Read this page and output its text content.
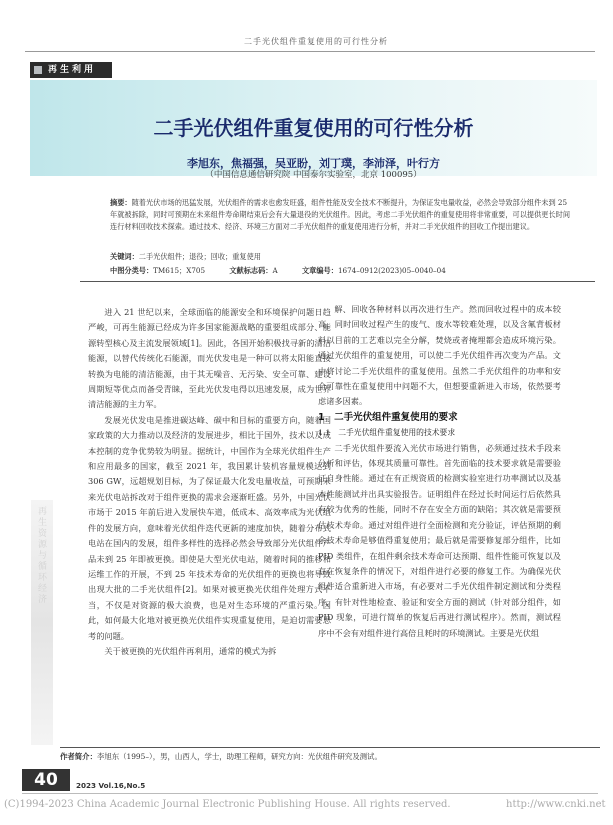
二手光伏组件重复使用的可行性分析
再生利用
二手光伏组件重复使用的可行性分析
李旭东，焦福强，吴亚盼，刘丁璞，李沛泽，叶行方
（中国信息通信研究院 中国泰尔实验室，北京 100095）
摘要：随着光伏市场的迅猛发展，光伏组件的需求也愈发旺盛，组件性能及安全技术不断提升，为保证发电量收益，必然会导致部分组件未到 25 年就被拆除，同时可预期在未来组件寿命期结束后会有大量退役的光伏组件。因此，考虑二手光伏组件的重复使用将非常重要，可以提供更长时间连行材料回收技术探索。通过技术、经济、环境三方面对二手光伏组件的重复使用进行分析，并对二手光伏组件的回收工作提出建议。
关键词：二手光伏组件；退役；回收；重复使用
中图分类号：TM615；X705	文献标志码：A	文章编号：1674–0912(2023)05–0040–04

进入 21 世纪以来，全球面临的能源安全和环境保护问题日趋严峻，可再生能源已经成为许多国家能源战略的重要组成部分、能源转型核心及主流发展领域[1]。因此，各国开始积极找寻新的清洁能源，以替代传统化石能源，而光伏发电是一种可以将太阳能直接转换为电能的清洁能源，由于其无噪音、无污染、安全可靠、建设周期短等优点而备受青睐，至此光伏发电得以迅速发展，成为世界清洁能源的主力军。

发展光伏发电是推进碳达峰、碳中和目标的重要方向，随着国家政策的大力推动以及经济的发展进步，相比于国外，技术以及成本控制的竞争优势较为明显。据统计，中国作为全球光伏组件生产和应用最多的国家，截至 2021 年，我国累计装机容量规模达到 306 GW，远超规划目标，为了保证最大化发电量收益，可预期未来光伏电站拆改对于组件更换的需求会逐渐旺盛。另外，中国光伏市场于 2015 年前后进入发展快车道，低成本、高效率成为光伏组件的发展方向，意味着光伏组件迭代更新的速度加快，随着分布式电站在国内的发展，组件多样性的选择必然会导致部分光伏组件产品未到 25 年即被更换。即使是大型光伏电站，随着时间的推移和运维工作的开展，不到 25 年技术寿命的光伏组件的更换也将导致出现大批的二手光伏组件[2]。如果对被更换光伏组件处理方式不当，不仅是对资源的极大浪费，也是对生态环境的严重污染。因此，如何最大化地对被更换光伏组件实现重复使用，是迫切需要思考的问题。

关于被更换的光伏组件再利用，通常的模式为拆

解、回收各种材料以再次进行生产。然而回收过程中的成本较高，同时回收过程产生的废气、废水等较难处理，以及含氟背板材料以目前的工艺难以完全分解，焚烧或者掩埋都会造成环境污染。通过光伏组件的重复使用，可以使二手光伏组件再次变为产品。文中将讨论二手光伏组件的重复使用。虽然二手光伏组件的功率和安全可靠性在重复使用中问题不大，但想要重新进入市场，依然要考虑诸多因素。

1　二手光伏组件重复使用的要求

1.1　二手光伏组件重复使用的技术要求

二手光伏组件要流入光伏市场进行销售，必须通过技术手段来分析和评估，体现其质量可靠性。首先面临的技术要求就是需要验证自身性能。通过在有正规资质的检测实验室进行功率测试以及基本性能测试并出具实验报告。证明组件在经过长时间运行后依然具有较为优秀的性能，同时不存在安全方面的缺陷；其次就是需要预估技术寿命。通过对组件进行全面检测和充分验证，评估预期的剩余技术寿命是够值得重复使用；最后就是需要修复部分组件，比如 PID 类组件，在组件剩余技术寿命可达预期、组件性能可恢复以及存在恢复条件的情况下，对组件进行必要的修复工作。为确保光伏组件适合重新进入市场，有必要对二手光伏组件制定测试和分类程序，有针对性地检查、验证和安全方面的测试（针对部分组件，如 PID 现象，可进行简单的恢复后再进行测试程序）。然而，测试程序中不会有对组件进行高倍且耗时的环境测试。主要是光伏组

再生资源与循环经济
作者简介：李旭东（1995–），男，山西人，学士，助理工程师，研究方向：光伏组件研究及测试。
40	2023 Vol.16,No.5
(C)1994-2023 China Academic Journal Electronic Publishing House. All rights reserved.	http://www.cnki.net
